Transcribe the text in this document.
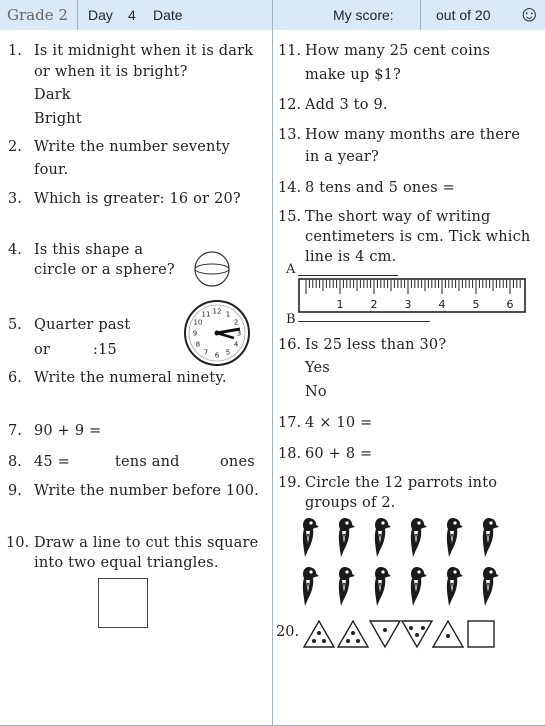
Grade 2 Day 4 Date	My score:	out of 20 ☺
1. Is it midnight when it is dark
or when it is bright?
Dark
Bright
2. Write the number seventy
four.
3. Which is greater: 16 or 20?
4. Is this shape a
circle or a sphere?
5. Quarter past
or	:15
12 1
2
3
4
5
6
7
8
9
10
11
6. Write the numeral ninety.
7. 90 + 9 =
8. 45 =	tens and	ones
9. Write the number before 100.
10. Draw a line to cut this square
into two equal triangles.
11. How many 25 cent coins
make up $1?
12. Add 3 to 9.
13. How many months are there
in a year?
14. 8 tens and 5 ones =
15. The short way of writing
centimeters is cm. Tick which
line is 4 cm.
A
1 2 3 4 5 6
B
16. Is 25 less than 30?
Yes
No
17. 4 × 10 =
18. 60 + 8 =
19. Circle the 12 parrots into
groups of 2.
20.
